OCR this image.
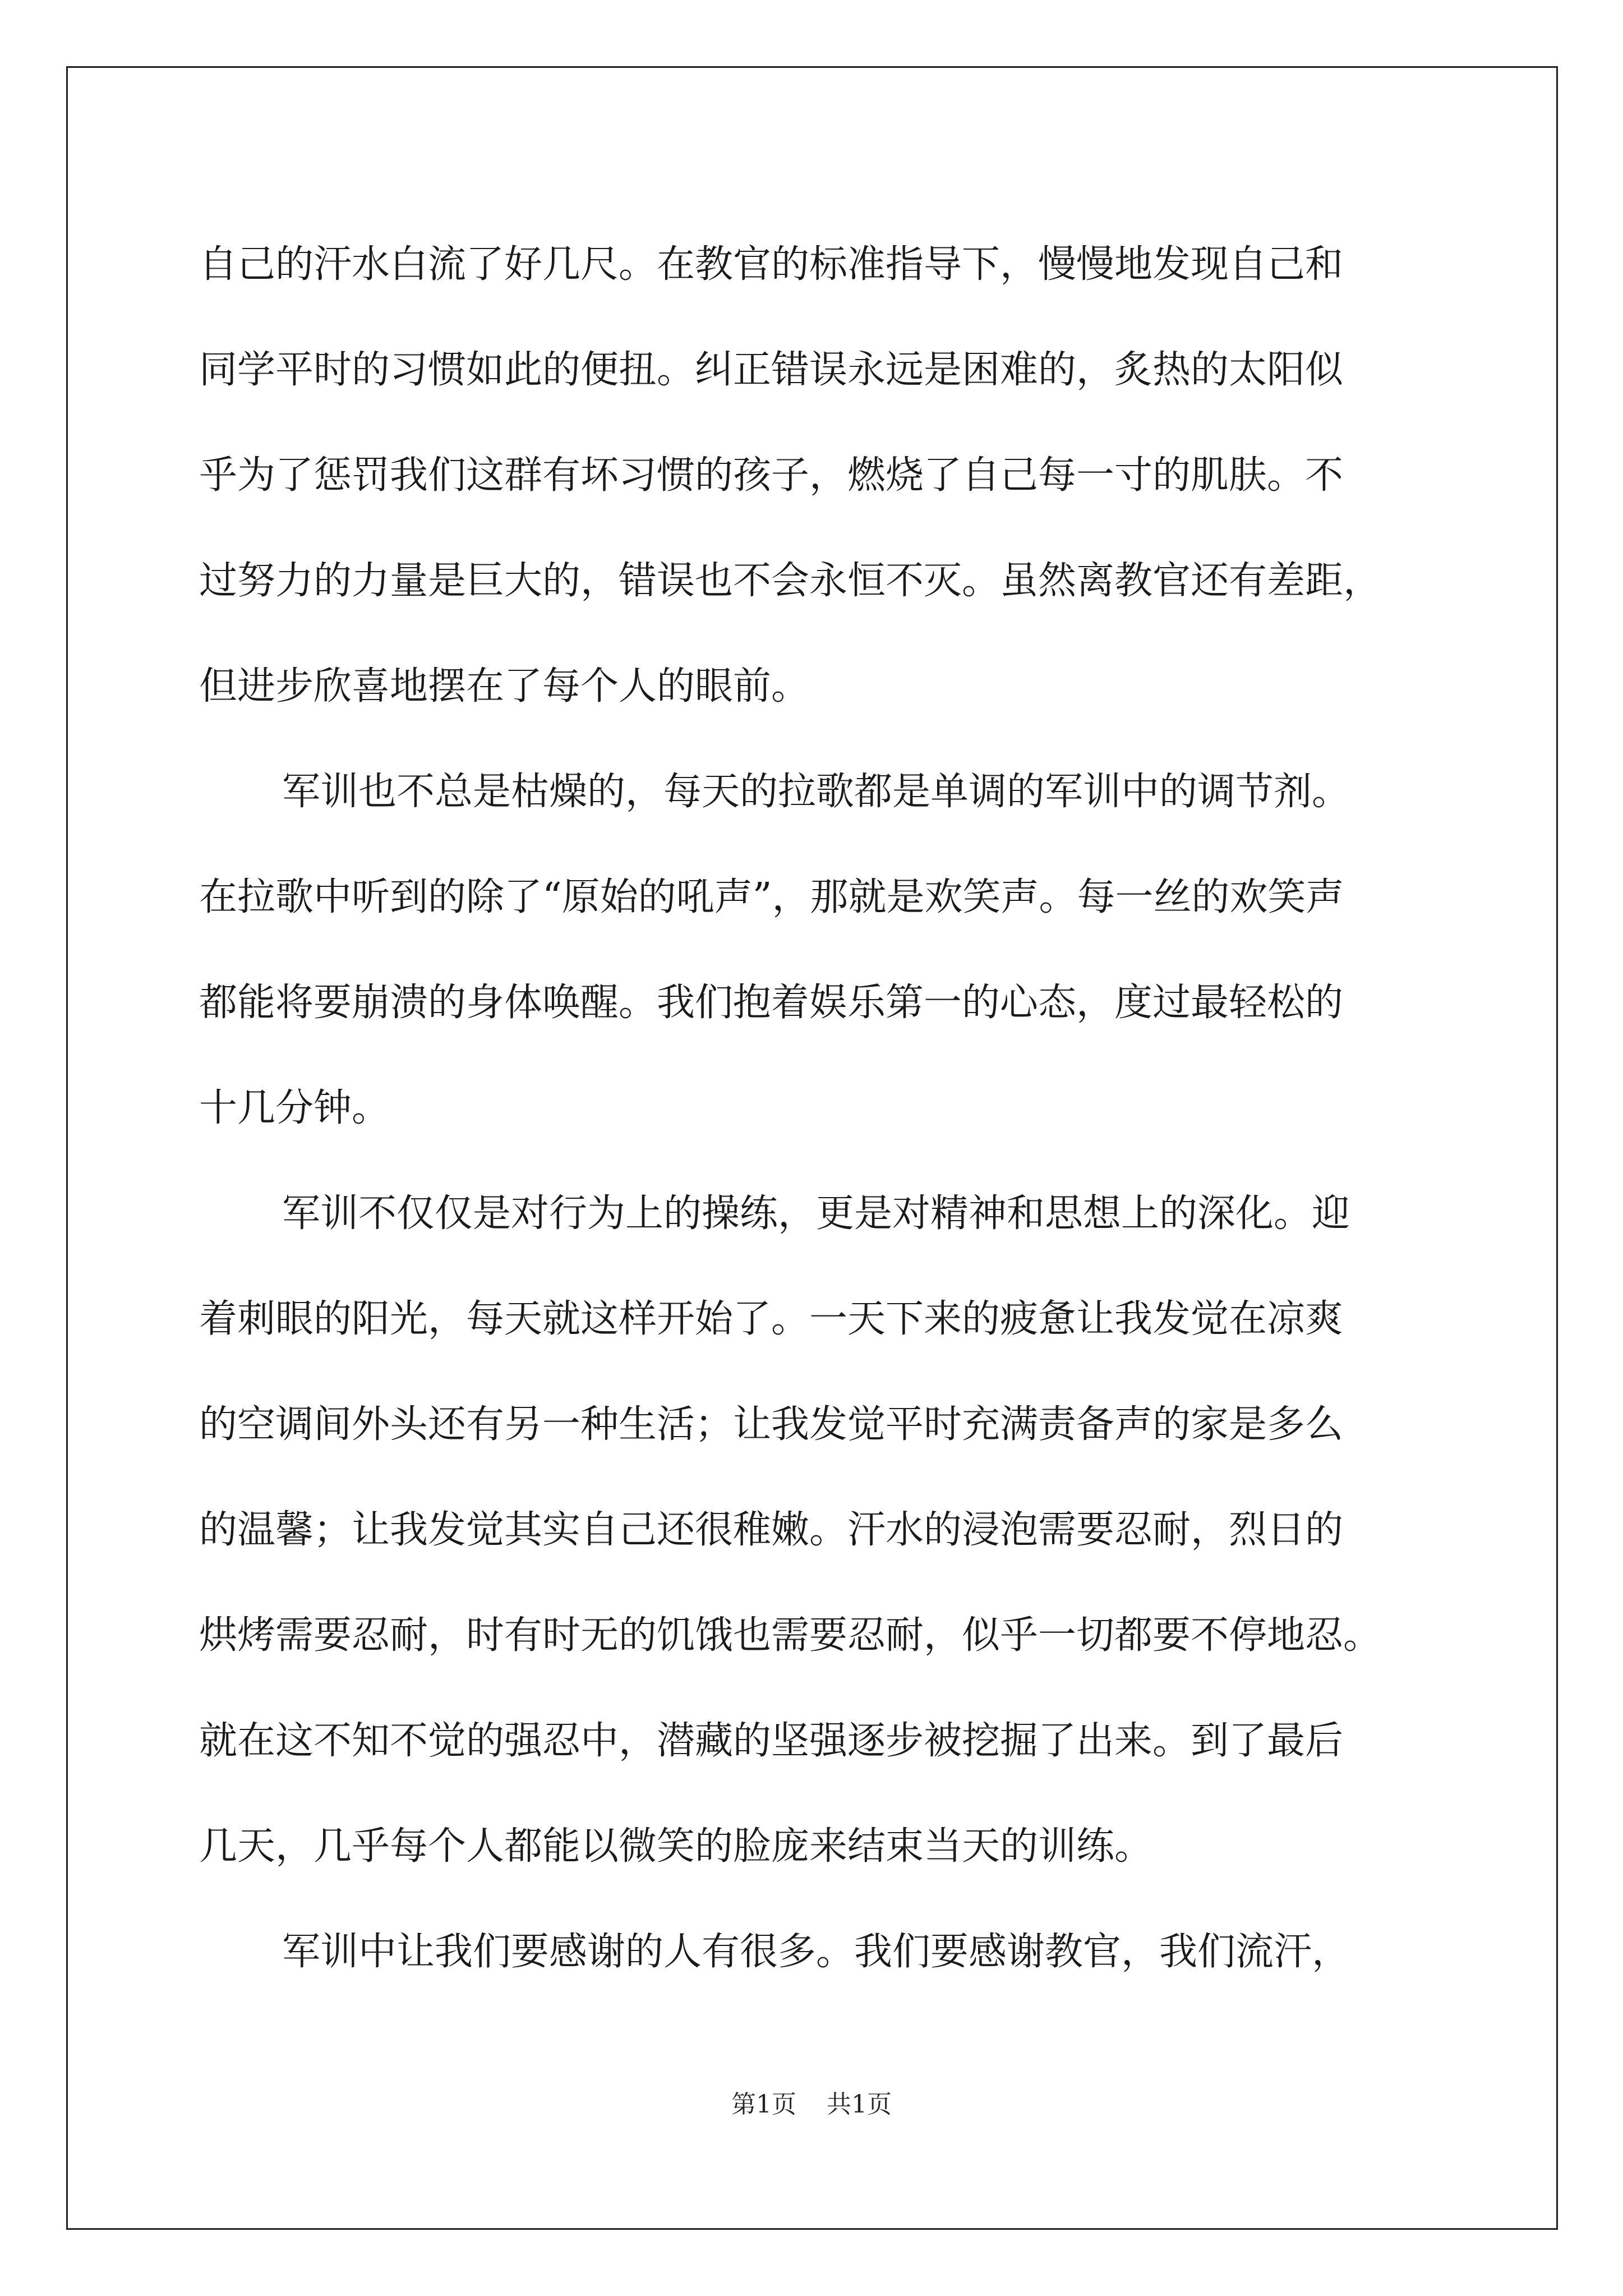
自己的汗水白流了好几尺。在教官的标准指导下，慢慢地发现自己和
同学平时的习惯如此的便扭。纠正错误永远是困难的，炙热的太阳似
乎为了惩罚我们这群有坏习惯的孩子，燃烧了自己每一寸的肌肤。不
过努力的力量是巨大的，错误也不会永恒不灭。虽然离教官还有差距，
但进步欣喜地摆在了每个人的眼前。
军训也不总是枯燥的，每天的拉歌都是单调的军训中的调节剂。
在拉歌中听到的除了“原始的吼声”，那就是欢笑声。每一丝的欢笑声
都能将要崩溃的身体唤醒。我们抱着娱乐第一的心态，度过最轻松的
十几分钟。
军训不仅仅是对行为上的操练，更是对精神和思想上的深化。迎
着刺眼的阳光，每天就这样开始了。一天下来的疲惫让我发觉在凉爽
的空调间外头还有另一种生活；让我发觉平时充满责备声的家是多么
的温馨；让我发觉其实自己还很稚嫩。汗水的浸泡需要忍耐，烈日的
烘烤需要忍耐，时有时无的饥饿也需要忍耐，似乎一切都要不停地忍。
就在这不知不觉的强忍中，潜藏的坚强逐步被挖掘了出来。到了最后
几天，几乎每个人都能以微笑的脸庞来结束当天的训练。
军训中让我们要感谢的人有很多。我们要感谢教官，我们流汗，
第1页 共1页
